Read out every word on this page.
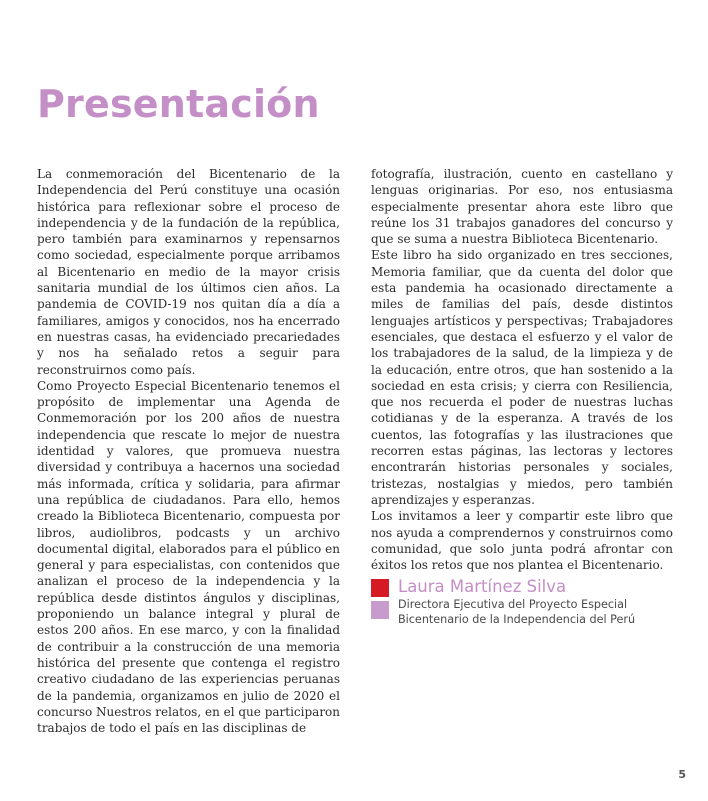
Presentación

La conmemoración del Bicentenario de la Independencia del Perú constituye una ocasión histórica para reflexionar sobre el proceso de independencia y de la fundación de la república, pero también para examinarnos y repensarnos como sociedad, especialmente porque arribamos al Bicentenario en medio de la mayor crisis sanitaria mundial de los últimos cien años. La pandemia de COVID-19 nos quitan día a día a familiares, amigos y conocidos, nos ha encerrado en nuestras casas, ha evidenciado precariedades y nos ha señalado retos a seguir para reconstruirnos como país.

Como Proyecto Especial Bicentenario tenemos el propósito de implementar una Agenda de Conmemoración por los 200 años de nuestra independencia que rescate lo mejor de nuestra identidad y valores, que promueva nuestra diversidad y contribuya a hacernos una sociedad más informada, crítica y solidaria, para afirmar una república de ciudadanos. Para ello, hemos creado la Biblioteca Bicentenario, compuesta por libros, audiolibros, podcasts y un archivo documental digital, elaborados para el público en general y para especialistas, con contenidos que analizan el proceso de la independencia y la república desde distintos ángulos y disciplinas, proponiendo un balance integral y plural de estos 200 años. En ese marco, y con la finalidad de contribuir a la construcción de una memoria histórica del presente que contenga el registro creativo ciudadano de las experiencias peruanas de la pandemia, organizamos en julio de 2020 el concurso Nuestros relatos, en el que participaron trabajos de todo el país en las disciplinas de

fotografía, ilustración, cuento en castellano y lenguas originarias. Por eso, nos entusiasma especialmente presentar ahora este libro que reúne los 31 trabajos ganadores del concurso y que se suma a nuestra Biblioteca Bicentenario.

Este libro ha sido organizado en tres secciones, Memoria familiar, que da cuenta del dolor que esta pandemia ha ocasionado directamente a miles de familias del país, desde distintos lenguajes artísticos y perspectivas; Trabajadores esenciales, que destaca el esfuerzo y el valor de los trabajadores de la salud, de la limpieza y de la educación, entre otros, que han sostenido a la sociedad en esta crisis; y cierra con Resiliencia, que nos recuerda el poder de nuestras luchas cotidianas y de la esperanza. A través de los cuentos, las fotografías y las ilustraciones que recorren estas páginas, las lectoras y lectores encontrarán historias personales y sociales, tristezas, nostalgias y miedos, pero también aprendizajes y esperanzas.

Los invitamos a leer y compartir este libro que nos ayuda a comprendernos y construirnos como comunidad, que solo junta podrá afrontar con éxitos los retos que nos plantea el Bicentenario.

Laura Martínez Silva

Directora Ejecutiva del Proyecto Especial
Bicentenario de la Independencia del Perú

5
